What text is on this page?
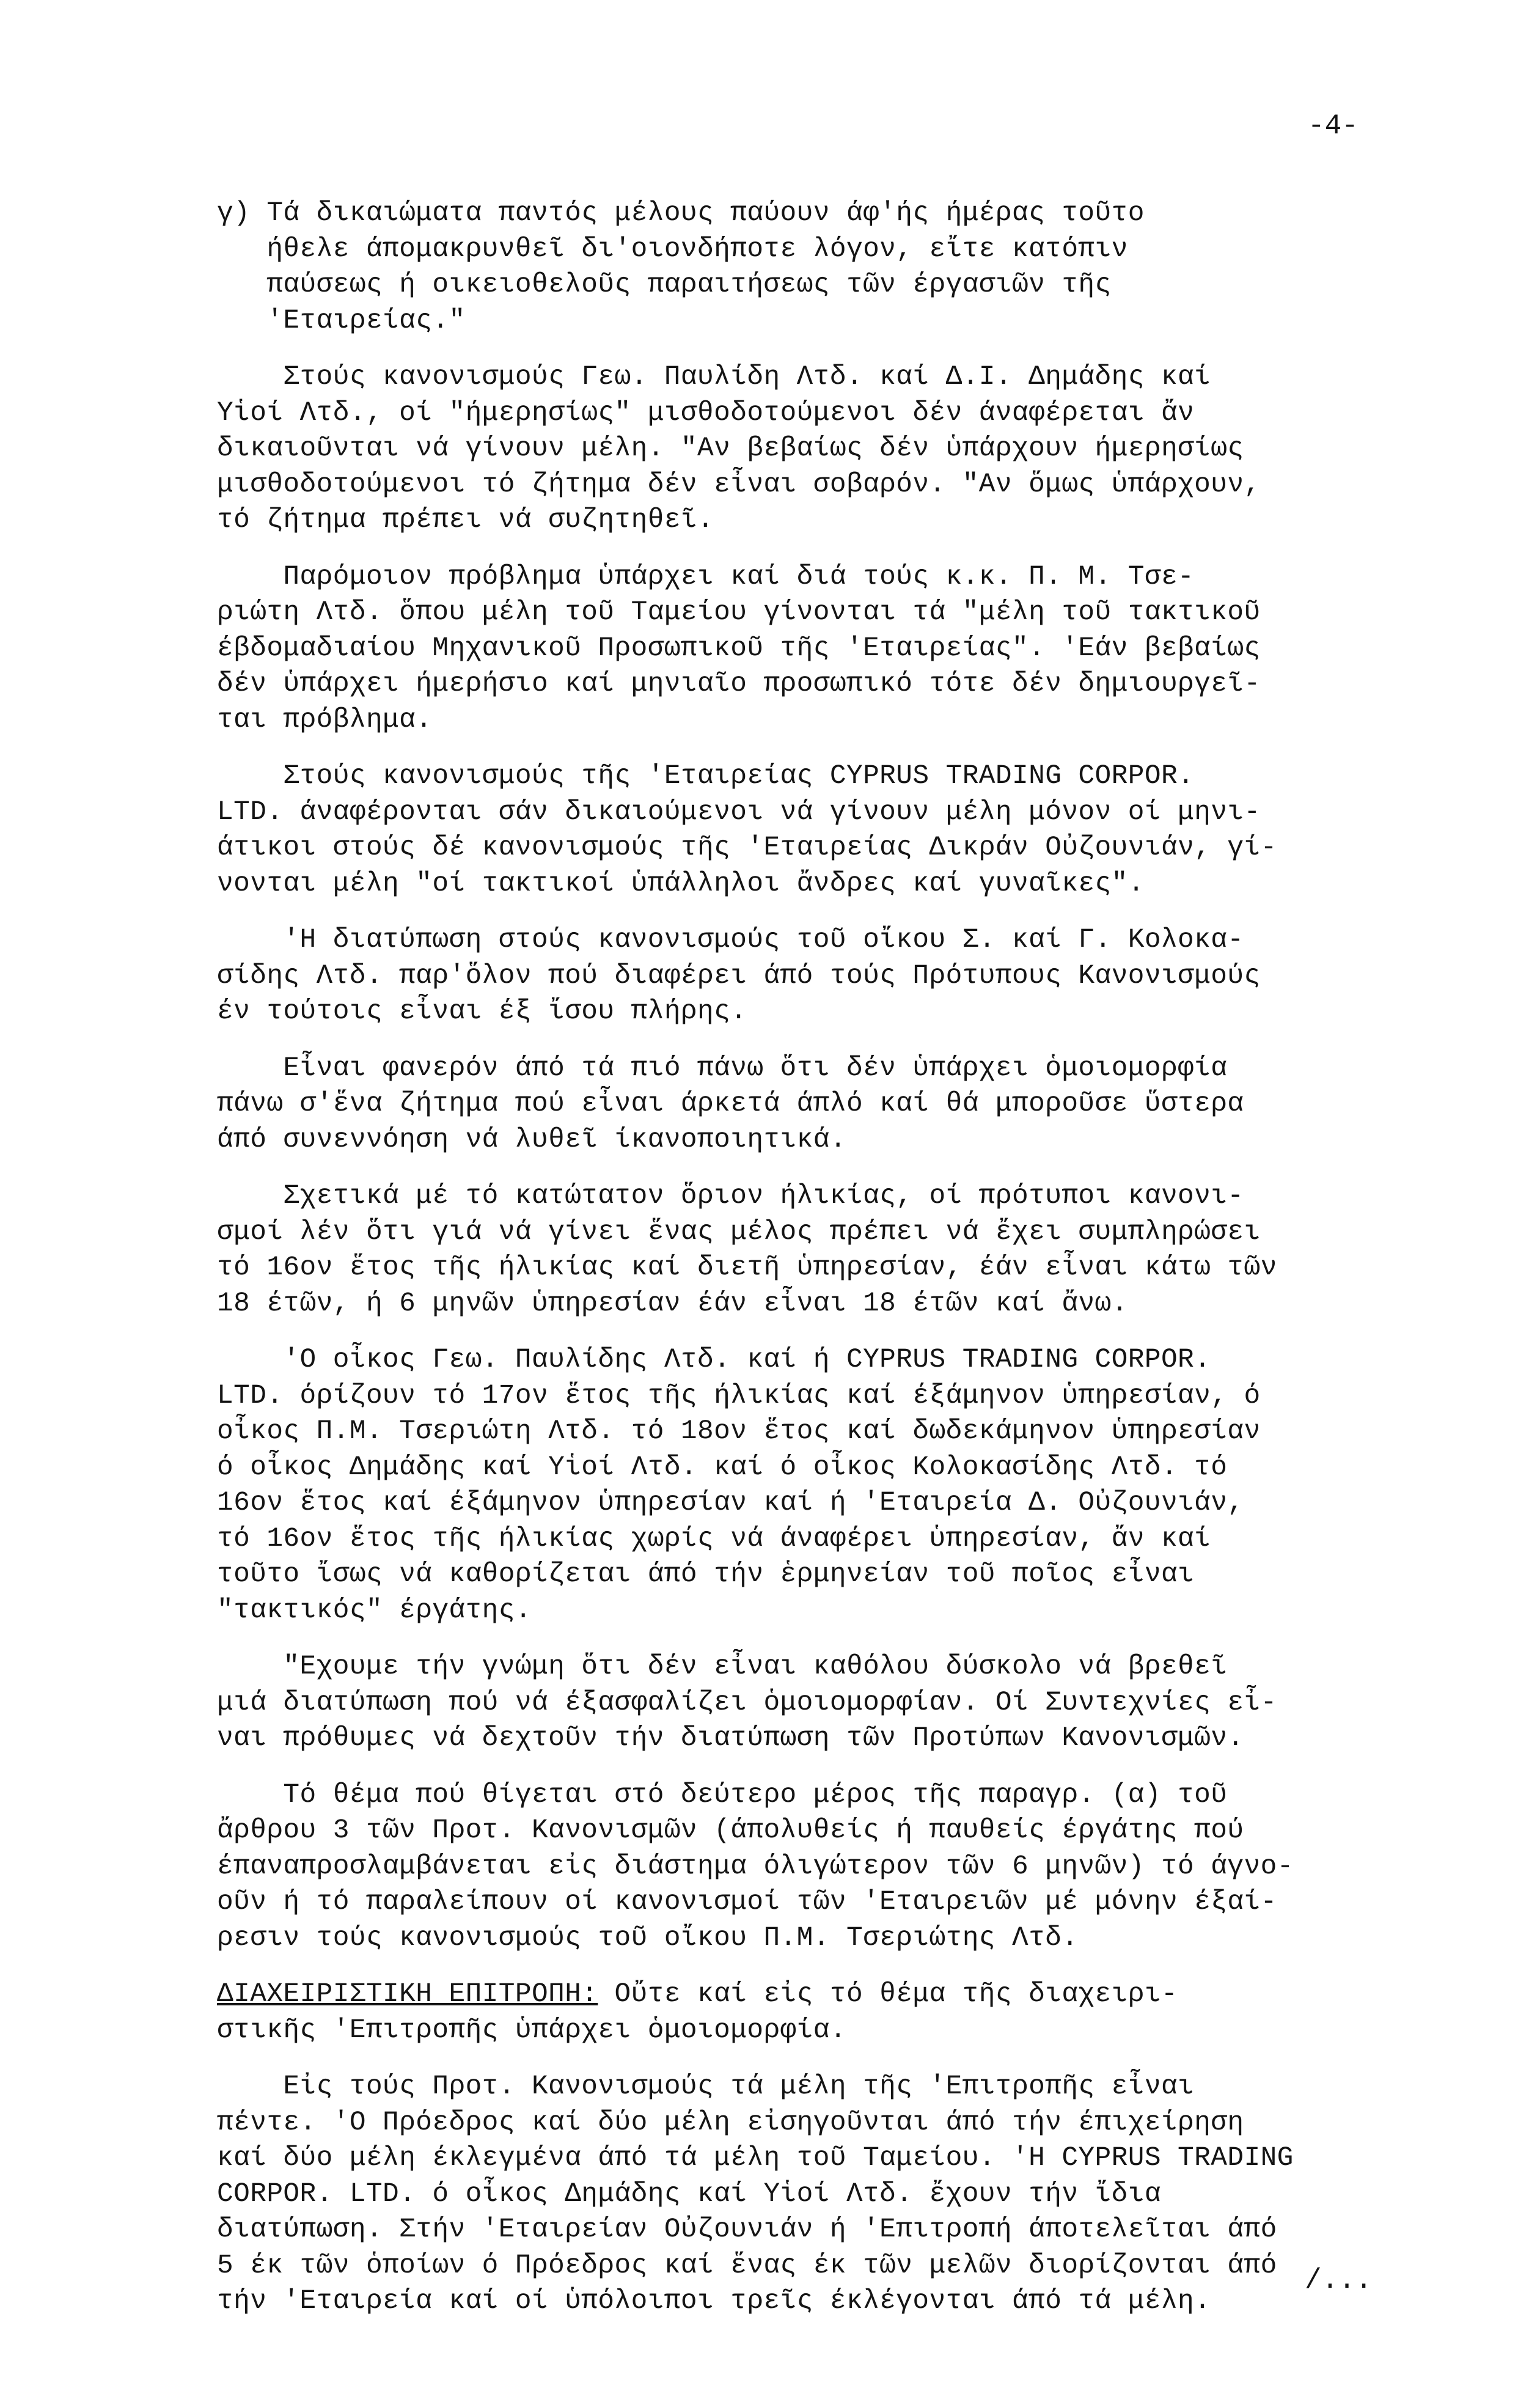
-4-
γ) Τά δικαιώματα παντός μέλους παύουν άφ'ής ήμέρας τοῦτο
ήθελε άπομακρυνθεῖ δι'οιονδήποτε λόγον, εἴτε κατόπιν
παύσεως ή οικειοθελοῦς παραιτήσεως τῶν έργασιῶν τῆς
'Εταιρείας."
Στούς κανονισμούς Γεω. Παυλίδη Λτδ. καί Δ.Ι. Δημάδης καί
Υἱοί Λτδ., οί "ήμερησίως" μισθοδοτούμενοι δέν άναφέρεται ἄν
δικαιοῦνται νά γίνουν μέλη. "Αν βεβαίως δέν ὑπάρχουν ήμερησίως
μισθοδοτούμενοι τό ζήτημα δέν εἶναι σοβαρόν. "Αν ὅμως ὑπάρχουν,
τό ζήτημα πρέπει νά συζητηθεῖ.
Παρόμοιον πρόβλημα ὑπάρχει καί διά τούς κ.κ. Π. Μ. Τσε-
ριώτη Λτδ. ὅπου μέλη τοῦ Ταμείου γίνονται τά "μέλη τοῦ τακτικοῦ
έβδομαδιαίου Μηχανικοῦ Προσωπικοῦ τῆς 'Εταιρείας". 'Εάν βεβαίως
δέν ὑπάρχει ήμερήσιο καί μηνιαῖο προσωπικό τότε δέν δημιουργεῖ-
ται πρόβλημα.
Στούς κανονισμούς τῆς 'Εταιρείας CYPRUS TRADING CORPOR.
LTD. άναφέρονται σάν δικαιούμενοι νά γίνουν μέλη μόνον οί μηνι-
άτικοι στούς δέ κανονισμούς τῆς 'Εταιρείας Δικράν Οὐζουνιάν, γί-
νονται μέλη "οί τακτικοί ὑπάλληλοι ἄνδρες καί γυναῖκες".
'Η διατύπωση στούς κανονισμούς τοῦ οἴκου Σ. καί Γ. Κολοκα-
σίδης Λτδ. παρ'ὅλον πού διαφέρει άπό τούς Πρότυπους Κανονισμούς
έν τούτοις εἶναι έξ ἴσου πλήρης.
Εἶναι φανερόν άπό τά πιό πάνω ὅτι δέν ὑπάρχει ὁμοιομορφία
πάνω σ'ἕνα ζήτημα πού εἶναι άρκετά άπλό καί θά μποροῦσε ὕστερα
άπό συνεννόηση νά λυθεῖ ίκανοποιητικά.
Σχετικά μέ τό κατώτατον ὅριον ήλικίας, οί πρότυποι κανονι-
σμοί λέν ὅτι γιά νά γίνει ἕνας μέλος πρέπει νά ἔχει συμπληρώσει
τό 16ον ἕτος τῆς ήλικίας καί διετῆ ὑπηρεσίαν, έάν εἶναι κάτω τῶν
18 έτῶν, ή 6 μηνῶν ὑπηρεσίαν έάν εἶναι 18 έτῶν καί ἄνω.
'Ο οἶκος Γεω. Παυλίδης Λτδ. καί ή CYPRUS TRADING CORPOR.
LTD. όρίζουν τό 17ον ἕτος τῆς ήλικίας καί έξάμηνον ὑπηρεσίαν, ό
οἶκος Π.Μ. Τσεριώτη Λτδ. τό 18ον ἕτος καί δωδεκάμηνον ὑπηρεσίαν
ό οἶκος Δημάδης καί Υἱοί Λτδ. καί ό οἶκος Κολοκασίδης Λτδ. τό
16ον ἕτος καί έξάμηνον ὑπηρεσίαν καί ή 'Εταιρεία Δ. Οὐζουνιάν,
τό 16ον ἕτος τῆς ήλικίας χωρίς νά άναφέρει ὑπηρεσίαν, ἄν καί
τοῦτο ἴσως νά καθορίζεται άπό τήν ἑρμηνείαν τοῦ ποῖος εἶναι
"τακτικός" έργάτης.
"Εχουμε τήν γνώμη ὅτι δέν εἶναι καθόλου δύσκολο νά βρεθεῖ
μιά διατύπωση πού νά έξασφαλίζει ὁμοιομορφίαν. Οί Συντεχνίες εἶ-
ναι πρόθυμες νά δεχτοῦν τήν διατύπωση τῶν Προτύπων Κανονισμῶν.
Τό θέμα πού θίγεται στό δεύτερο μέρος τῆς παραγρ. (α) τοῦ
ἄρθρου 3 τῶν Προτ. Κανονισμῶν (άπολυθείς ή παυθείς έργάτης πού
έπαναπροσλαμβάνεται εἰς διάστημα όλιγώτερον τῶν 6 μηνῶν) τό άγνο-
οῦν ή τό παραλείπουν οί κανονισμοί τῶν 'Εταιρειῶν μέ μόνην έξαί-
ρεσιν τούς κανονισμούς τοῦ οἴκου Π.Μ. Τσεριώτης Λτδ.
ΔΙΑΧΕΙΡΙΣΤΙΚΗ ΕΠΙΤΡΟΠΗ: Οὔτε καί εἰς τό θέμα τῆς διαχειρι-
στικῆς 'Επιτροπῆς ὑπάρχει ὁμοιομορφία.
Εἰς τούς Προτ. Κανονισμούς τά μέλη τῆς 'Επιτροπῆς εἶναι
πέντε. 'Ο Πρόεδρος καί δύο μέλη εἰσηγοῦνται άπό τήν έπιχείρηση
καί δύο μέλη έκλεγμένα άπό τά μέλη τοῦ Ταμείου. 'Η CYPRUS TRADING
CORPOR. LTD. ό οἶκος Δημάδης καί Υἱοί Λτδ. ἔχουν τήν ἴδια
διατύπωση. Στήν 'Εταιρείαν Οὐζουνιάν ή 'Επιτροπή άποτελεῖται άπό
5 έκ τῶν ὁποίων ό Πρόεδρος καί ἕνας έκ τῶν μελῶν διορίζονται άπό
τήν 'Εταιρεία καί οί ὑπόλοιποι τρεῖς έκλέγονται άπό τά μέλη.
/...
